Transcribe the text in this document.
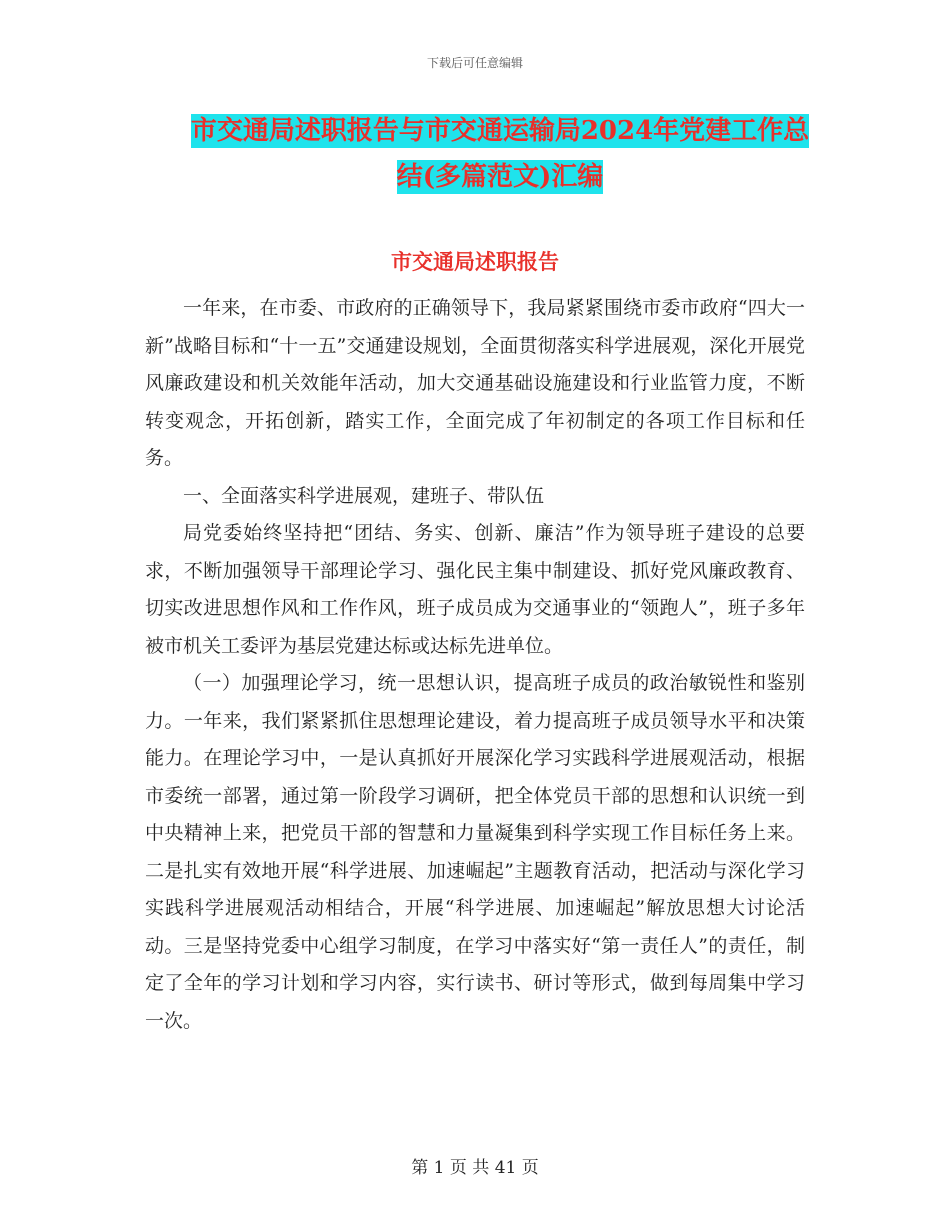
下载后可任意编辑
市交通局述职报告与市交通运输局2024年党建工作总
结(多篇范文)汇编
市交通局述职报告

一年来，在市委、市政府的正确领导下，我局紧紧围绕市委市政府“四大一新”战略目标和“十一五”交通建设规划，全面贯彻落实科学进展观，深化开展党风廉政建设和机关效能年活动，加大交通基础设施建设和行业监管力度，不断转变观念，开拓创新，踏实工作，全面完成了年初制定的各项工作目标和任务。

一、全面落实科学进展观，建班子、带队伍

局党委始终坚持把“团结、务实、创新、廉洁”作为领导班子建设的总要求，不断加强领导干部理论学习、强化民主集中制建设、抓好党风廉政教育、切实改进思想作风和工作作风，班子成员成为交通事业的“领跑人”，班子多年被市机关工委评为基层党建达标或达标先进单位。

（一）加强理论学习，统一思想认识，提高班子成员的政治敏锐性和鉴别力。一年来，我们紧紧抓住思想理论建设，着力提高班子成员领导水平和决策能力。在理论学习中，一是认真抓好开展深化学习实践科学进展观活动，根据市委统一部署，通过第一阶段学习调研，把全体党员干部的思想和认识统一到中央精神上来，把党员干部的智慧和力量凝集到科学实现工作目标任务上来。二是扎实有效地开展“科学进展、加速崛起”主题教育活动，把活动与深化学习实践科学进展观活动相结合，开展“科学进展、加速崛起”解放思想大讨论活动。三是坚持党委中心组学习制度，在学习中落实好“第一责任人”的责任，制定了全年的学习计划和学习内容，实行读书、研讨等形式，做到每周集中学习一次。

第 1 页 共 41 页
